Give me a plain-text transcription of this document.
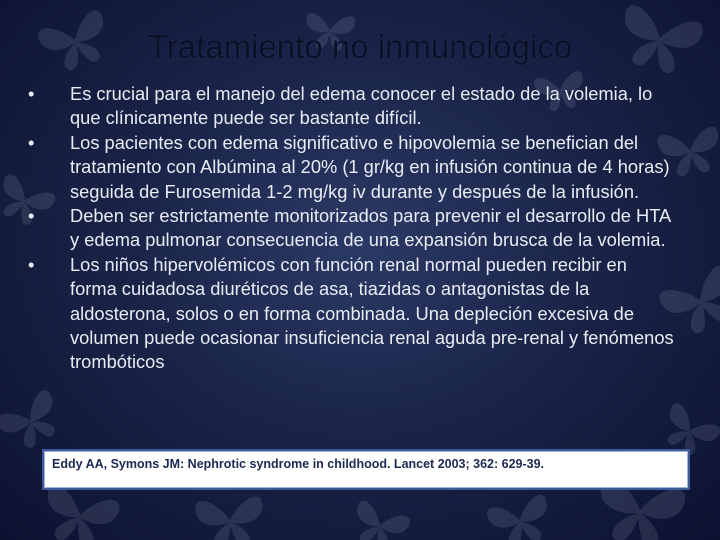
Tratamiento no inmunológico
•	Es crucial para el manejo del edema conocer el estado de la volemia, lo que clínicamente puede ser bastante difícil.
•	Los pacientes con edema significativo e hipovolemia se benefician del tratamiento con Albúmina al 20% (1 gr/kg en infusión continua de 4 horas) seguida de Furosemida 1-2 mg/kg iv durante y después de la infusión.
•	Deben ser estrictamente monitorizados para prevenir el desarrollo de HTA y edema pulmonar consecuencia de una expansión brusca de la volemia.
•	Los niños hipervolémicos con función renal normal pueden recibir en forma cuidadosa diuréticos de asa, tiazidas o antagonistas de la aldosterona, solos o en forma combinada. Una depleción excesiva de volumen puede ocasionar insuficiencia renal aguda pre-renal y fenómenos trombóticos
Eddy AA, Symons JM: Nephrotic syndrome in childhood. Lancet 2003; 362: 629-39.
